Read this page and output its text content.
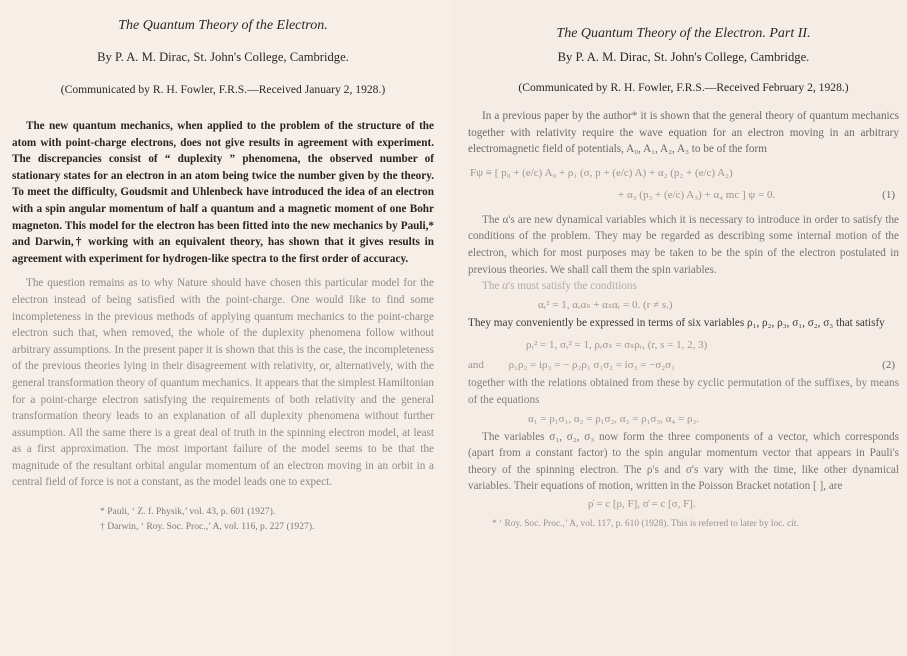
The Quantum Theory of the Electron.
By P. A. M. Dirac, St. John's College, Cambridge.
(Communicated by R. H. Fowler, F.R.S.—Received January 2, 1928.)

The new quantum mechanics, when applied to the problem of the structure of the atom with point-charge electrons, does not give results in agreement with experiment. The discrepancies consist of “ duplexity ” phenomena, the observed number of stationary states for an electron in an atom being twice the number given by the theory. To meet the difficulty, Goudsmit and Uhlenbeck have introduced the idea of an electron with a spin angular momentum of half a quantum and a magnetic moment of one Bohr magneton. This model for the electron has been fitted into the new mechanics by Pauli,* and Darwin,† working with an equivalent theory, has shown that it gives results in agreement with experiment for hydrogen-like spectra to the first order of accuracy.

The question remains as to why Nature should have chosen this particular model for the electron instead of being satisfied with the point-charge. One would like to find some incompleteness in the previous methods of applying quantum mechanics to the point-charge electron such that, when removed, the whole of the duplexity phenomena follow without arbitrary assumptions. In the present paper it is shown that this is the case, the incompleteness of the previous theories lying in their disagreement with relativity, or, alternatively, with the general transformation theory of quantum mechanics. It appears that the simplest Hamiltonian for a point-charge electron satisfying the requirements of both relativity and the general transformation theory leads to an explanation of all duplexity phenomena without further assumption. All the same there is a great deal of truth in the spinning electron model, at least as a first approximation. The most important failure of the model seems to be that the magnitude of the resultant orbital angular momentum of an electron moving in an orbit in a central field of force is not a constant, as the model leads one to expect.

* Pauli, ‘ Z. f. Physik,’ vol. 43, p. 601 (1927).
† Darwin, ‘ Roy. Soc. Proc.,’ A, vol. 116, p. 227 (1927).
The Quantum Theory of the Electron. Part II.
By P. A. M. Dirac, St. John's College, Cambridge.
(Communicated by R. H. Fowler, F.R.S.—Received February 2, 1928.)

In a previous paper by the author* it is shown that the general theory of quantum mechanics together with relativity require the wave equation for an electron moving in an arbitrary electromagnetic field of potentials, A₀, A₁, A₂, A₃ to be of the form

Fψ ≡ [ p₀ + (e/c) A₀ + ρ₁ (σ, p + (e/c) A) + α₂ (p₂ + (e/c) A₂)
+ α₃ (p₃ + (e/c) A₃) + α₄ mc ] ψ = 0.	(1)

The α's are new dynamical variables which it is necessary to introduce in order to satisfy the conditions of the problem. They may be regarded as describing some internal motion of the electron, which for most purposes may be taken to be the spin of the electron postulated in previous theories. We shall call them the spin variables.

The α's must satisfy the conditions

αᵣ² = 1, αᵣαₛ + αₛαᵣ = 0. (r ≠ s.)

They may conveniently be expressed in terms of six variables ρ₁, ρ₂, ρ₃, σ₁, σ₂, σ₃ that satisfy

ρᵣ² = 1, σᵣ² = 1, ρᵣσₛ = σₛρᵣ, (r, s = 1, 2, 3)
and ρ₁ρ₂ = iρ₃ = − ρ₂ρ₁ σ₁σ₂ = iσ₃ = −σ₂σ₁	(2)

together with the relations obtained from these by cyclic permutation of the suffixes, by means of the equations

α₁ = ρ₁σ₁, α₂ = ρ₁σ₂, α₃ = ρ₁σ₃, α₄ = ρ₃.

The variables σ₁, σ₂, σ₃ now form the three components of a vector, which corresponds (apart from a constant factor) to the spin angular momentum vector that appears in Pauli's theory of the spinning electron. The ρ's and σ's vary with the time, like other dynamical variables. Their equations of motion, written in the Poisson Bracket notation [ ], are

ρ̇ = c [ρ, F], σ̇ = c [σ, F].
* ‘ Roy. Soc. Proc.,’ A, vol. 117, p. 610 (1928). This is referred to later by loc. cit.
